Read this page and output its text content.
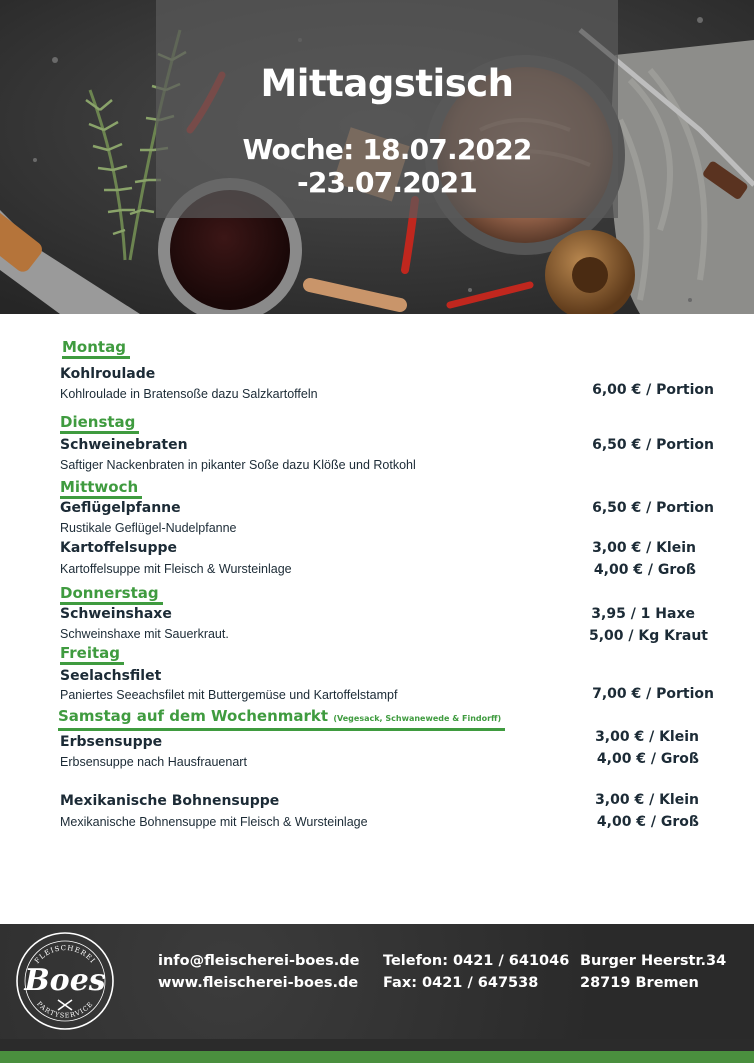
Mittagstisch
Woche: 18.07.2022 -23.07.2021
Montag
Kohlroulade
Kohlroulade in Bratensoße dazu Salzkartoffeln	6,00 € / Portion
Dienstag
Schweinebraten
Saftiger Nackenbraten in pikanter Soße dazu Klöße und Rotkohl
6,50 € / Portion
Mittwoch
Geflügelpfanne
Rustikale Geflügel-Nudelpfanne
6,50 € / Portion
Kartoffelsuppe
Kartoffelsuppe mit Fleisch & Wursteinlage
3,00 € / Klein
4,00 € / Groß
Donnerstag
Schweinshaxe
Schweinshaxe mit Sauerkraut.
3,95 / 1 Haxe
5,00 / Kg Kraut
Freitag
Seelachsfilet
Paniertes Seeachsfilet mit Buttergemüse und Kartoffelstampf	7,00 € / Portion
Samstag auf dem Wochenmarkt (Vegesack, Schwanewede & Findorff)
Erbsensuppe
Erbsensuppe nach Hausfrauenart
3,00 € / Klein
4,00 € / Groß
Mexikanische Bohnensuppe
Mexikanische Bohnensuppe mit Fleisch & Wursteinlage
3,00 € / Klein
4,00 € / Groß
FLEISCHEREI
PARTYSERVICE
Boes
info@fleischerei-boes.de
www.fleischerei-boes.de
Telefon: 0421 / 641046
Fax: 0421 / 647538
Burger Heerstr.34
28719 Bremen
